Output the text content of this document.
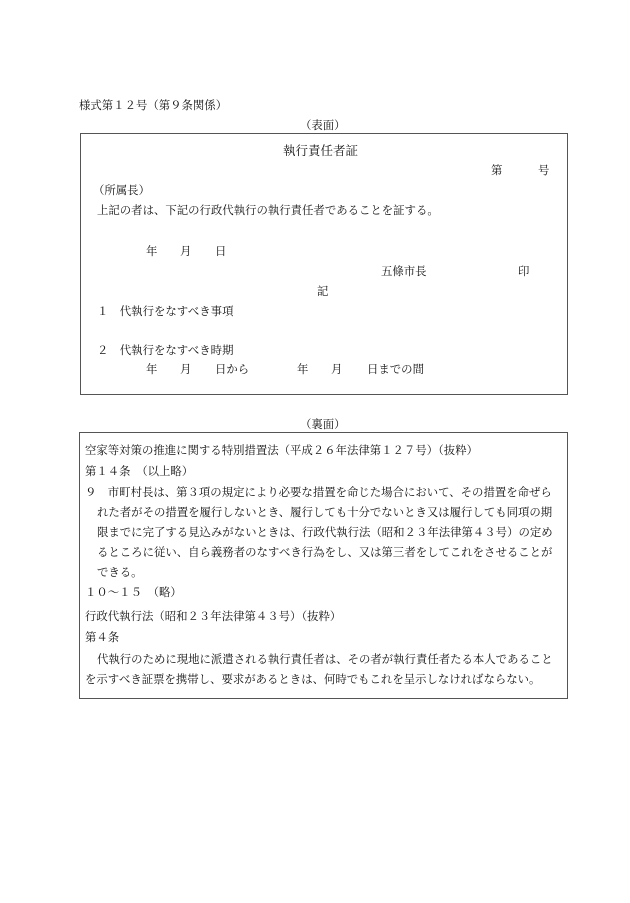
様式第１２号（第９条関係）
（表面）
執行責任者証
第	号
（所属長）
上記の者は、下記の行政代執行の執行責任者であることを証する。
年 月 日
五條市長	印
記
１　代執行をなすべき事項
２　代執行をなすべき時期
年 月 日から	年 月 日までの間
（裏面）
空家等対策の推進に関する特別措置法（平成２６年法律第１２７号）（抜粋）
第１４条　（以上略）
９　市町村長は、第３項の規定により必要な措置を命じた場合において、その措置を命ぜら
れた者がその措置を履行しないとき、履行しても十分でないとき又は履行しても同項の期
限までに完了する見込みがないときは、行政代執行法（昭和２３年法律第４３号）の定め
るところに従い、自ら義務者のなすべき行為をし、又は第三者をしてこれをさせることが
できる。
１０～１５　（略）
行政代執行法（昭和２３年法律第４３号）（抜粋）
第４条
代執行のために現地に派遣される執行責任者は、その者が執行責任者たる本人であること
を示すべき証票を携帯し、要求があるときは、何時でもこれを呈示しなければならない。
